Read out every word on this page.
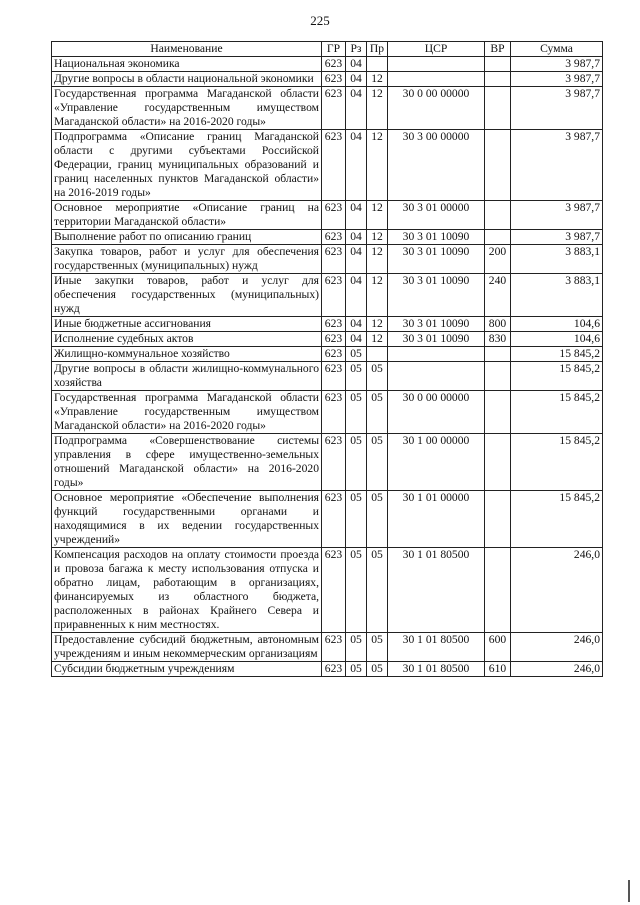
225
Наименование	ГР	Рз	Пр	ЦСР	ВР	Сумма
Национальная экономика	623	04				3 987,7
Другие вопросы в области национальной экономики	623	04	12			3 987,7
Государственная программа Магаданской области «Управление государственным имуществом Магаданской области» на 2016-2020 годы»	623	04	12	30 0 00 00000		3 987,7
Подпрограмма «Описание границ Магаданской области с другими субъектами Российской Федерации, границ муниципальных образований и границ населенных пунктов Магаданской области» на 2016-2019 годы»	623	04	12	30 3 00 00000		3 987,7
Основное мероприятие «Описание границ на территории Магаданской области»	623	04	12	30 3 01 00000		3 987,7
Выполнение работ по описанию границ	623	04	12	30 3 01 10090		3 987,7
Закупка товаров, работ и услуг для обеспечения государственных (муниципальных) нужд	623	04	12	30 3 01 10090	200	3 883,1
Иные закупки товаров, работ и услуг для обеспечения государственных (муниципальных) нужд	623	04	12	30 3 01 10090	240	3 883,1
Иные бюджетные ассигнования	623	04	12	30 3 01 10090	800	104,6
Исполнение судебных актов	623	04	12	30 3 01 10090	830	104,6
Жилищно-коммунальное хозяйство	623	05				15 845,2
Другие вопросы в области жилищно-коммунального хозяйства	623	05	05			15 845,2
Государственная программа Магаданской области «Управление государственным имуществом Магаданской области» на 2016-2020 годы»	623	05	05	30 0 00 00000		15 845,2
Подпрограмма «Совершенствование системы управления в сфере имущественно-земельных отношений Магаданской области» на 2016-2020 годы»	623	05	05	30 1 00 00000		15 845,2
Основное мероприятие «Обеспечение выполнения функций государственными органами и находящимися в их ведении государственных учреждений»	623	05	05	30 1 01 00000		15 845,2
Компенсация расходов на оплату стоимости проезда и провоза багажа к месту использования отпуска и обратно лицам, работающим в организациях, финансируемых из областного бюджета, расположенных в районах Крайнего Севера и приравненных к ним местностях.	623	05	05	30 1 01 80500		246,0
Предоставление субсидий бюджетным, автономным учреждениям и иным некоммерческим организациям	623	05	05	30 1 01 80500	600	246,0
Субсидии бюджетным учреждениям	623	05	05	30 1 01 80500	610	246,0
